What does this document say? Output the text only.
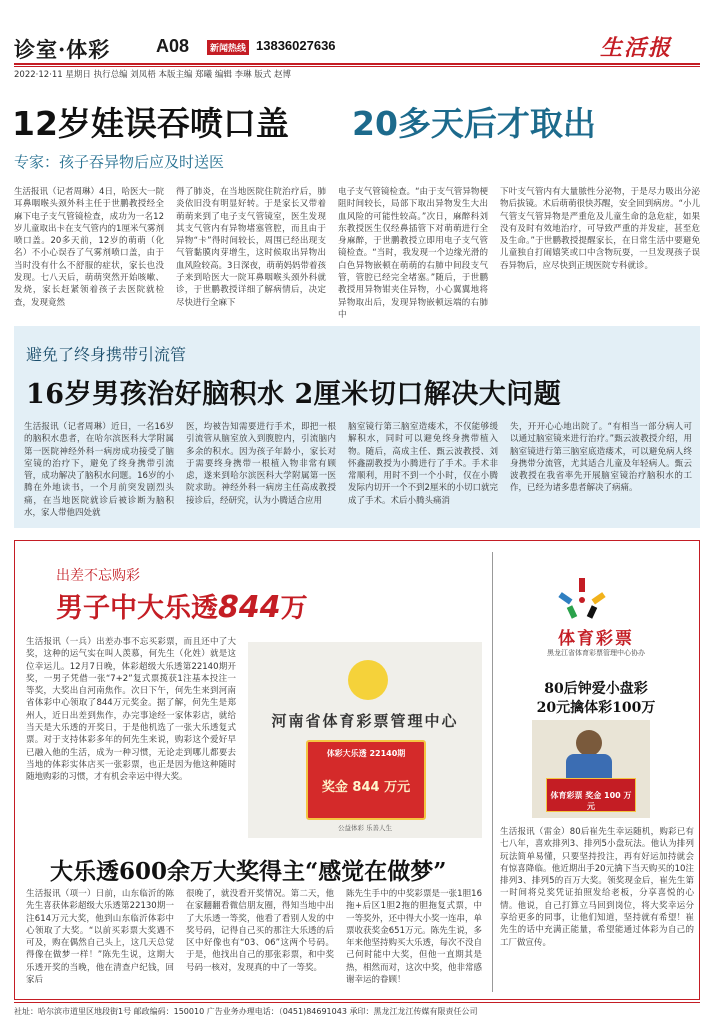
诊室·体彩	A08	新闻热线 13836027636	生活报
2022·12·11 星期日 执行总编 刘凤梧 本版主编 郑曦 编辑 李琳 版式 赵博
12岁娃误吞喷口盖 20多天后才取出
专家：孩子吞异物后应及时送医
生活报讯（记者周琳）4日，哈医大一院耳鼻咽喉头颈外科主任于世鹏教授经全麻下电子支气管镜检查，成功为一名12岁儿童取出卡在支气管内的1厘米气雾剂喷口盖。20多天前，12岁的萌萌（化名）不小心误吞了气雾剂喷口盖，由于当时没有什么不舒服的症状，家长也没发现。七八天后，萌萌突然开始咳嗽、发烧，家长赶紧领着孩子去医院就检查，发现竟然
得了肺炎，在当地医院住院治疗后，肺炎依旧没有明显好转。于是家长又带着萌萌来到了电子支气管镜室，医生发现其支气管内有异物堵塞管腔，而且由于异物“卡”得时间较长，周围已经出现支气管黏膜肉芽增生，这时候取出异物出血风险较高。3日深夜，萌萌妈妈带着孩子来到哈医大一院耳鼻咽喉头颈外科就诊，于世鹏教授详细了解病情后，决定尽快进行全麻下
电子支气管镜检查。“由于支气管异物梗阻时间较长，局部下取出异物发生大出血风险的可能性较高。”次日，麻醉科刘东教授医生仅经鼻插管下对萌萌进行全身麻醉，于世鹏教授立即用电子支气管镜检查。“当时，我发现一个边缘光滑的白色异物嵌顿在萌萌的右肺中间段支气管，管腔已经完全堵塞。”随后，于世鹏教授用异物钳夹住异物，小心翼翼地将异物取出后，发现异物嵌顿远端的右肺中
下叶支气管内有大量脓性分泌物，于是尽力吸出分泌物后拔镜。术后萌萌很快苏醒，安全回到病房。“小儿气管支气管异物是严重危及儿童生命的急危症，如果没有及时有效地治疗，可导致严重的并发症，甚至危及生命。”于世鹏教授提醒家长，在日常生活中要避免儿童独自打闹嬉笑或口中含物玩耍，一旦发现孩子误吞异物后，应尽快到正规医院专科就诊。
避免了终身携带引流管
16岁男孩治好脑积水 2厘米切口解决大问题
生活报讯（记者周琳）近日，一名16岁的脑积水患者，在哈尔滨医科大学附属第一医院神经外科一病房成功接受了脑室镜的治疗下，避免了终身携带引流管，成功解决了脑积水问题。16岁的小腾在外地读书，一个月前突发剧烈头痛，在当地医院就诊后被诊断为脑积水，家人带他四处就
医，均被告知需要进行手术，即把一根引流管从脑室放入到腹腔内，引流脑内多余的积水。因为孩子年龄小，家长对于需要终身携带一根植入物非常有顾虑，遂来到哈尔滨医科大学附属第一医院求助。神经外科一病房主任高成教授接诊后，经研究，认为小腾适合应用
脑室镜行第三脑室造瘘术，不仅能够缓解积水，同时可以避免终身携带植入物。随后，高成主任、甄云波教授、刘怀鑫副教授为小腾进行了手术。手术非常顺利，用时不到一个小时，仅在小腾发际内切开一个不到2厘米的小切口就完成了手术。术后小腾头痛消
失，开开心心地出院了。“有相当一部分病人可以通过脑室镜来进行治疗。”甄云波教授介绍，用脑室镜进行第三脑室底造瘘术，可以避免病人终身携带分流管，尤其适合儿童及年轻病人。甄云波教授在我省率先开展脑室镜治疗脑积水的工作，已经为诸多患者解决了病痛。
出差不忘购彩
男子中大乐透844万
生活报讯（一兵）出差办事不忘买彩票，而且还中了大奖，这种的运气实在叫人羡慕，何先生（化姓）就是这位幸运儿。12月7日晚，体彩超级大乐透第22140期开奖，一男子凭借一张“7+2”复式票揽获1注基本投注一等奖，大奖出自河南焦作。次日下午，何先生来到河南省体彩中心领取了844万元奖金。据了解，何先生是郑州人，近日出差到焦作，办完事途经一家体彩店，就给当天是大乐透的开奖日，于是他机选了一张大乐透复式票。对于支持体彩多年的何先生来说，购彩这个爱好早已融入他的生活，成为一种习惯，无论走到哪儿都要去当地的体彩实体店买一张彩票，也正是因为他这种随时随地购彩的习惯，才有机会幸运中得大奖。
河南省体育彩票管理中心
体彩大乐透 22140期
奖金 844 万元
公益体彩 乐善人生
大乐透600余万大奖得主“感觉在做梦”
生活报讯（项一）日前，山东临沂的陈先生喜获体彩超级大乐透第22130期一注614万元大奖，他到山东临沂体彩中心领取了大奖。“以前买彩票大奖遇不可及，购在偶然自己头上，这几天总觉得像在做梦一样！”陈先生说，这期大乐透开奖的当晚，他在清查户纪钱，回家后
很晚了，就没看开奖情况。第二天，他在家翻翻看微信朋友圈，得知当地中出了大乐透一等奖，他看了看别人发的中奖号码，记得自己买的那注大乐透的后区中好像也有“03、06”这两个号码。于是，他找出自己的那张彩票，和中奖号码一核对，发现真的中了一等奖。
陈先生手中的中奖彩票是一张1胆16拖+后区1胆2拖的胆拖复式票，中一等奖外，还中得大小奖一连串，单票收获奖金651万元。陈先生说，多年来他坚持购买大乐透，每次不没自己何时能中大奖，但他一直期其是热，相然而对，这次中奖，他非常感谢幸运的眷顾！
体育彩票
黑龙江省体育彩票管理中心协办
80后钟爱小盘彩
20元擒体彩100万
体育彩票 奖金 100 万元
生活报讯（雷金）80后崔先生幸运随机，购彩已有七八年，喜欢排列3、排列5小盘玩法。他认为排列玩法简单易懂，只要坚持投注，再有好运加持就会有惊喜降临。他近期出手20元擒下当天购买的10注排列3、排列5的百万大奖。领奖现金后，崔先生第一时间将兑奖凭证拍照发给老板，分享喜悦的心情。他说，自己打算立马回到岗位，将大奖幸运分享给更多的同事，让他们知道，坚持就有希望！崔先生的话中充满正能量，希望能通过体彩为自己的工厂做宣传。
社址：哈尔滨市道里区地段街1号 邮政编码：150010 广告业务办理电话：（0451)84691043 承印：黑龙江龙江传媒有限责任公司
